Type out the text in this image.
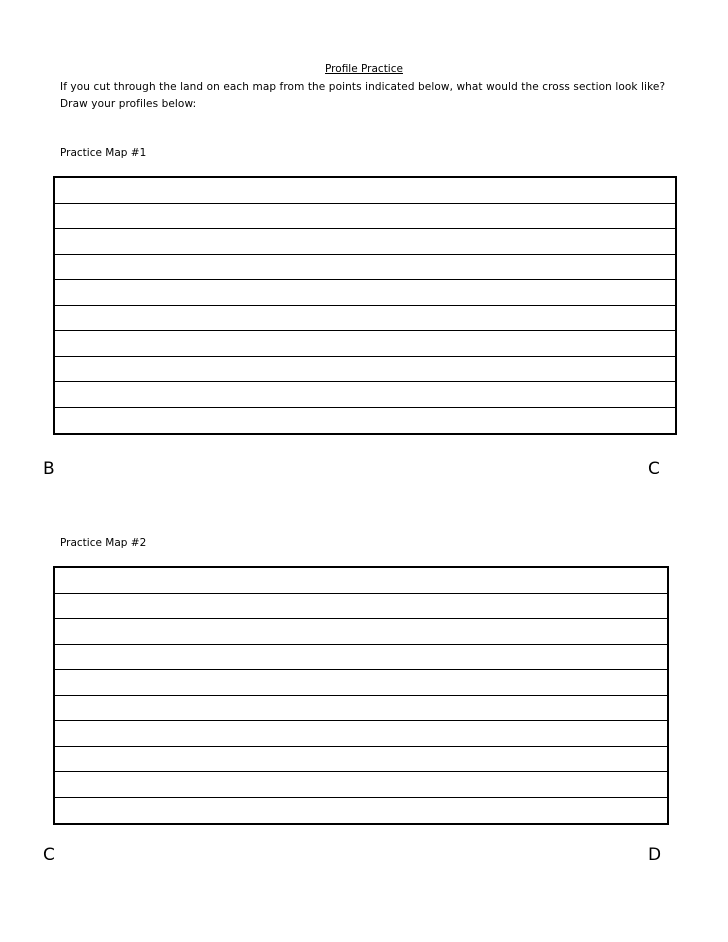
Profile Practice
If you cut through the land on each map from the points indicated below, what would the cross section look like? Draw your profiles below:
Practice Map #1
B	C
Practice Map #2
C	D
